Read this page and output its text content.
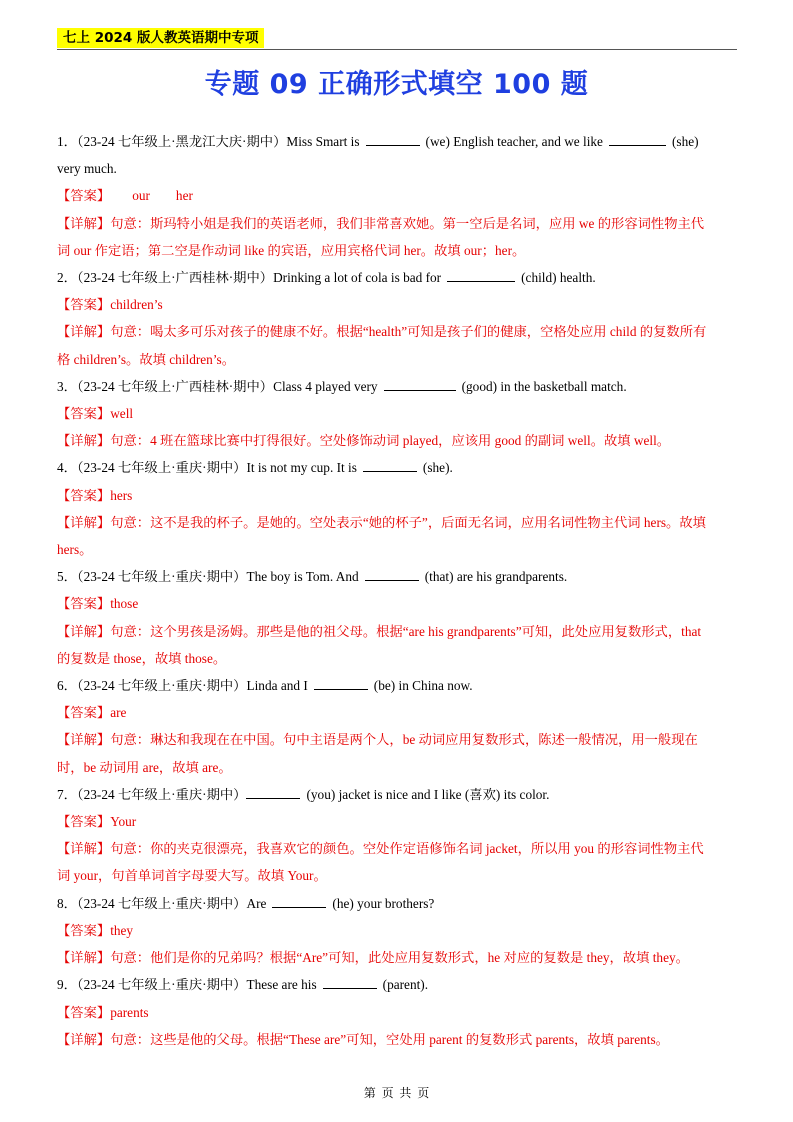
七上 2024 版人教英语期中专项
专题 09 正确形式填空 100 题
1．（23-24 七年级上·黑龙江大庆·期中）Miss Smart is	(we) English teacher, and we like	(she)
very much.
【答案】 our her
【详解】句意：斯玛特小姐是我们的英语老师，我们非常喜欢她。第一空后是名词，应用 we 的形容词性物主代
词 our 作定语；第二空是作动词 like 的宾语，应用宾格代词 her。故填 our；her。
2．（23-24 七年级上·广西桂林·期中）Drinking a lot of cola is bad for	(child) health.
【答案】children’s
【详解】句意：喝太多可乐对孩子的健康不好。根据“health”可知是孩子们的健康，空格处应用 child 的复数所有
格 children’s。故填 children’s。
3．（23-24 七年级上·广西桂林·期中）Class 4 played very	(good) in the basketball match.
【答案】well
【详解】句意：4 班在篮球比赛中打得很好。空处修饰动词 played，应该用 good 的副词 well。故填 well。
4．（23-24 七年级上·重庆·期中）It is not my cup. It is	(she).
【答案】hers
【详解】句意：这不是我的杯子。是她的。空处表示“她的杯子”，后面无名词，应用名词性物主代词 hers。故填
hers。
5．（23-24 七年级上·重庆·期中）The boy is Tom. And	(that) are his grandparents.
【答案】those
【详解】句意：这个男孩是汤姆。那些是他的祖父母。根据“are his grandparents”可知，此处应用复数形式，that
的复数是 those，故填 those。
6．（23-24 七年级上·重庆·期中）Linda and I	(be) in China now.
【答案】are
【详解】句意：琳达和我现在在中国。句中主语是两个人，be 动词应用复数形式，陈述一般情况，用一般现在
时，be 动词用 are，故填 are。
7．（23-24 七年级上·重庆·期中）	(you) jacket is nice and I like (喜欢) its color.
【答案】Your
【详解】句意：你的夹克很漂亮，我喜欢它的颜色。空处作定语修饰名词 jacket，所以用 you 的形容词性物主代
词 your，句首单词首字母要大写。故填 Your。
8．（23-24 七年级上·重庆·期中）Are	(he) your brothers?
【答案】they
【详解】句意：他们是你的兄弟吗？根据“Are”可知，此处应用复数形式，he 对应的复数是 they，故填 they。
9．（23-24 七年级上·重庆·期中）These are his	(parent).
【答案】parents
【详解】句意：这些是他的父母。根据“These are”可知，空处用 parent 的复数形式 parents，故填 parents。
第 页 共 页
